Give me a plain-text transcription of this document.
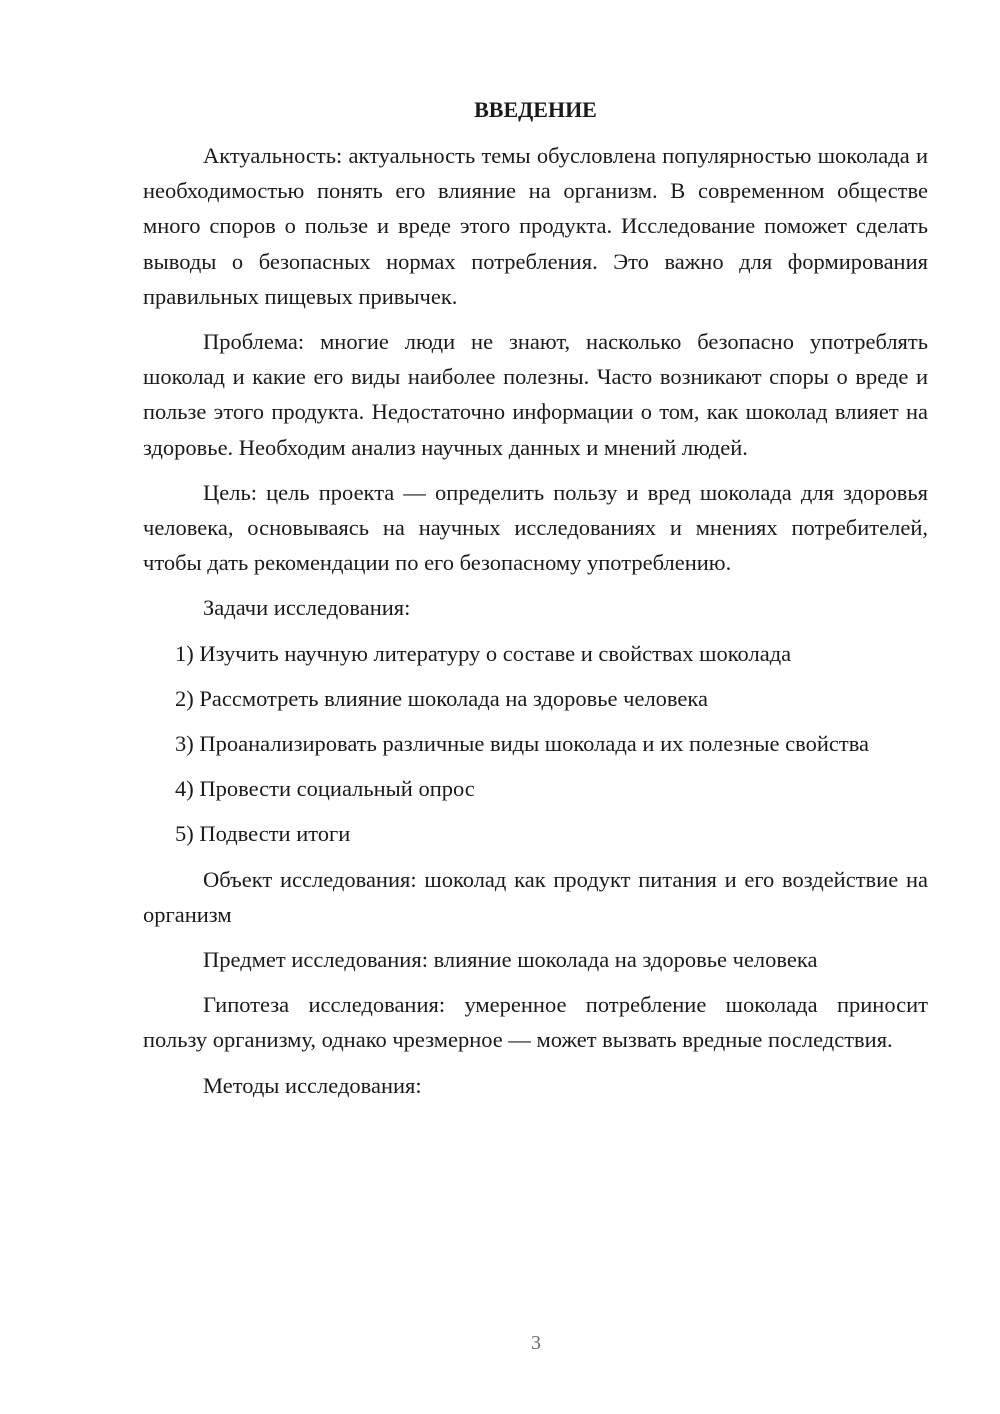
ВВЕДЕНИЕ

Актуальность: актуальность темы обусловлена популярностью шоколада и необходимостью понять его влияние на организм. В современном обществе много споров о пользе и вреде этого продукта. Исследование поможет сделать выводы о безопасных нормах потребления. Это важно для формирования правильных пищевых привычек.

Проблема: многие люди не знают, насколько безопасно употреблять шоколад и какие его виды наиболее полезны. Часто возникают споры о вреде и пользе этого продукта. Недостаточно информации о том, как шоколад влияет на здоровье. Необходим анализ научных данных и мнений людей.

Цель: цель проекта — определить пользу и вред шоколада для здоровья человека, основываясь на научных исследованиях и мнениях потребителей, чтобы дать рекомендации по его безопасному употреблению.

Задачи исследования:

1) Изучить научную литературу о составе и свойствах шоколада

2) Рассмотреть влияние шоколада на здоровье человека

3) Проанализировать различные виды шоколада и их полезные свойства

4) Провести социальный опрос

5) Подвести итоги

Объект исследования: шоколад как продукт питания и его воздействие на организм

Предмет исследования: влияние шоколада на здоровье человека

Гипотеза исследования: умеренное потребление шоколада приносит пользу организму, однако чрезмерное — может вызвать вредные последствия.

Методы исследования:

3
